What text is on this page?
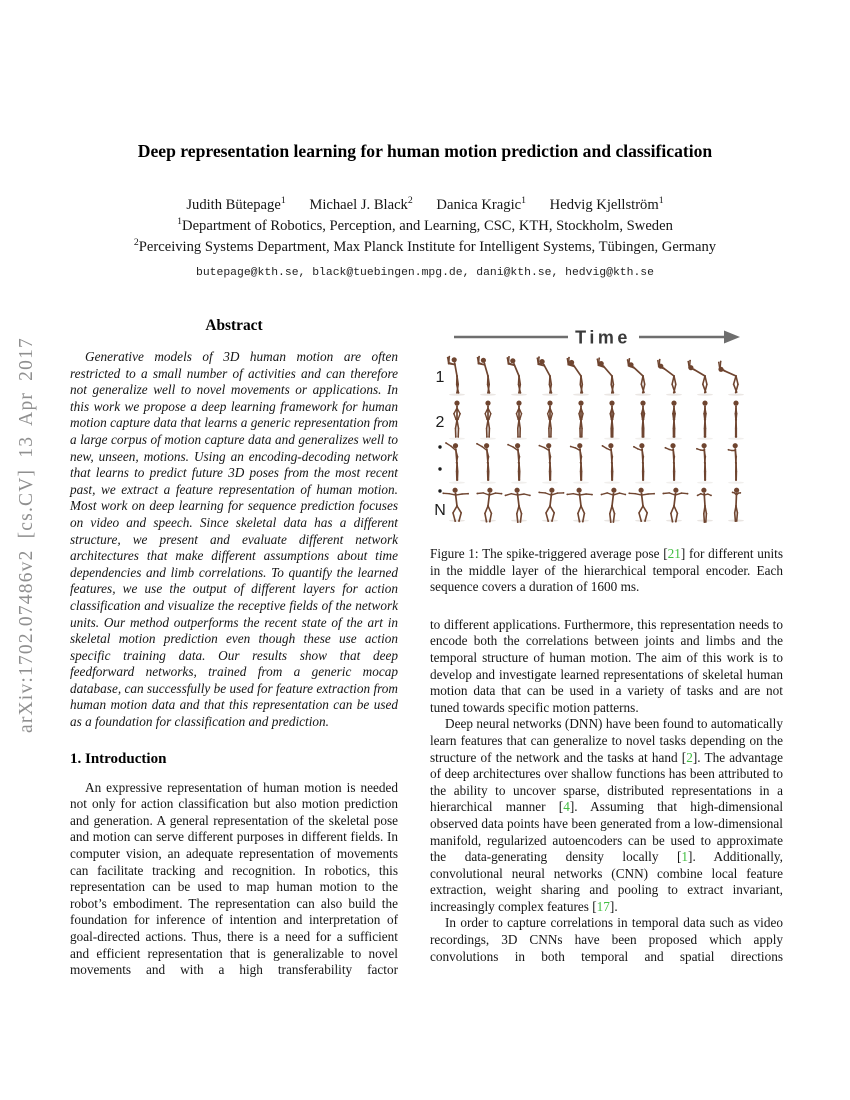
arXiv:1702.07486v2 [cs.CV] 13 Apr 2017
Deep representation learning for human motion prediction and classification
Judith Bütepage$^1$ Michael J. Black$^2$ Danica Kragic$^1$ Hedvig Kjellström$^1$
$^1$Department of Robotics, Perception, and Learning, CSC, KTH, Stockholm, Sweden
$^2$Perceiving Systems Department, Max Planck Institute for Intelligent Systems, Tübingen, Germany
butepage@kth.se, black@tuebingen.mpg.de, dani@kth.se, hedvig@kth.se
Abstract

Generative models of 3D human motion are often restricted to a small number of activities and can therefore not generalize well to novel movements or applications. In this work we propose a deep learning framework for human motion capture data that learns a generic representation from a large corpus of motion capture data and generalizes well to new, unseen, motions. Using an encoding-decoding network that learns to predict future 3D poses from the most recent past, we extract a feature representation of human motion. Most work on deep learning for sequence prediction focuses on video and speech. Since skeletal data has a different structure, we present and evaluate different network architectures that make different assumptions about time dependencies and limb correlations. To quantify the learned features, we use the output of different layers for action classification and visualize the receptive fields of the network units. Our method outperforms the recent state of the art in skeletal motion prediction even though these use action specific training data. Our results show that deep feedforward networks, trained from a generic mocap database, can successfully be used for feature extraction from human motion data and that this representation can be used as a foundation for classification and prediction.

1. Introduction

An expressive representation of human motion is needed not only for action classification but also motion prediction and generation. A general representation of the skeletal pose and motion can serve different purposes in different fields. In computer vision, an adequate representation of movements can facilitate tracking and recognition. In robotics, this representation can be used to map human motion to the robot’s embodiment. The representation can also build the foundation for inference of intention and interpretation of goal-directed actions. Thus, there is a need for a sufficient and efficient representation that is generalizable to novel movements and with a high transferability factor

Time
1
2
N

Figure 1: The spike-triggered average pose [21] for different units in the middle layer of the hierarchical temporal encoder. Each sequence covers a duration of 1600 ms.

to different applications. Furthermore, this representation needs to encode both the correlations between joints and limbs and the temporal structure of human motion. The aim of this work is to develop and investigate learned representations of skeletal human motion data that can be used in a variety of tasks and are not tuned towards specific motion patterns.

Deep neural networks (DNN) have been found to automatically learn features that can generalize to novel tasks depending on the structure of the network and the tasks at hand [2]. The advantage of deep architectures over shallow functions has been attributed to the ability to uncover sparse, distributed representations in a hierarchical manner [4]. Assuming that high-dimensional observed data points have been generated from a low-dimensional manifold, regularized autoencoders can be used to approximate the data-generating density locally [1]. Additionally, convolutional neural networks (CNN) combine local feature extraction, weight sharing and pooling to extract invariant, increasingly complex features [17].

In order to capture correlations in temporal data such as video recordings, 3D CNNs have been proposed which apply convolutions in both temporal and spatial directions
